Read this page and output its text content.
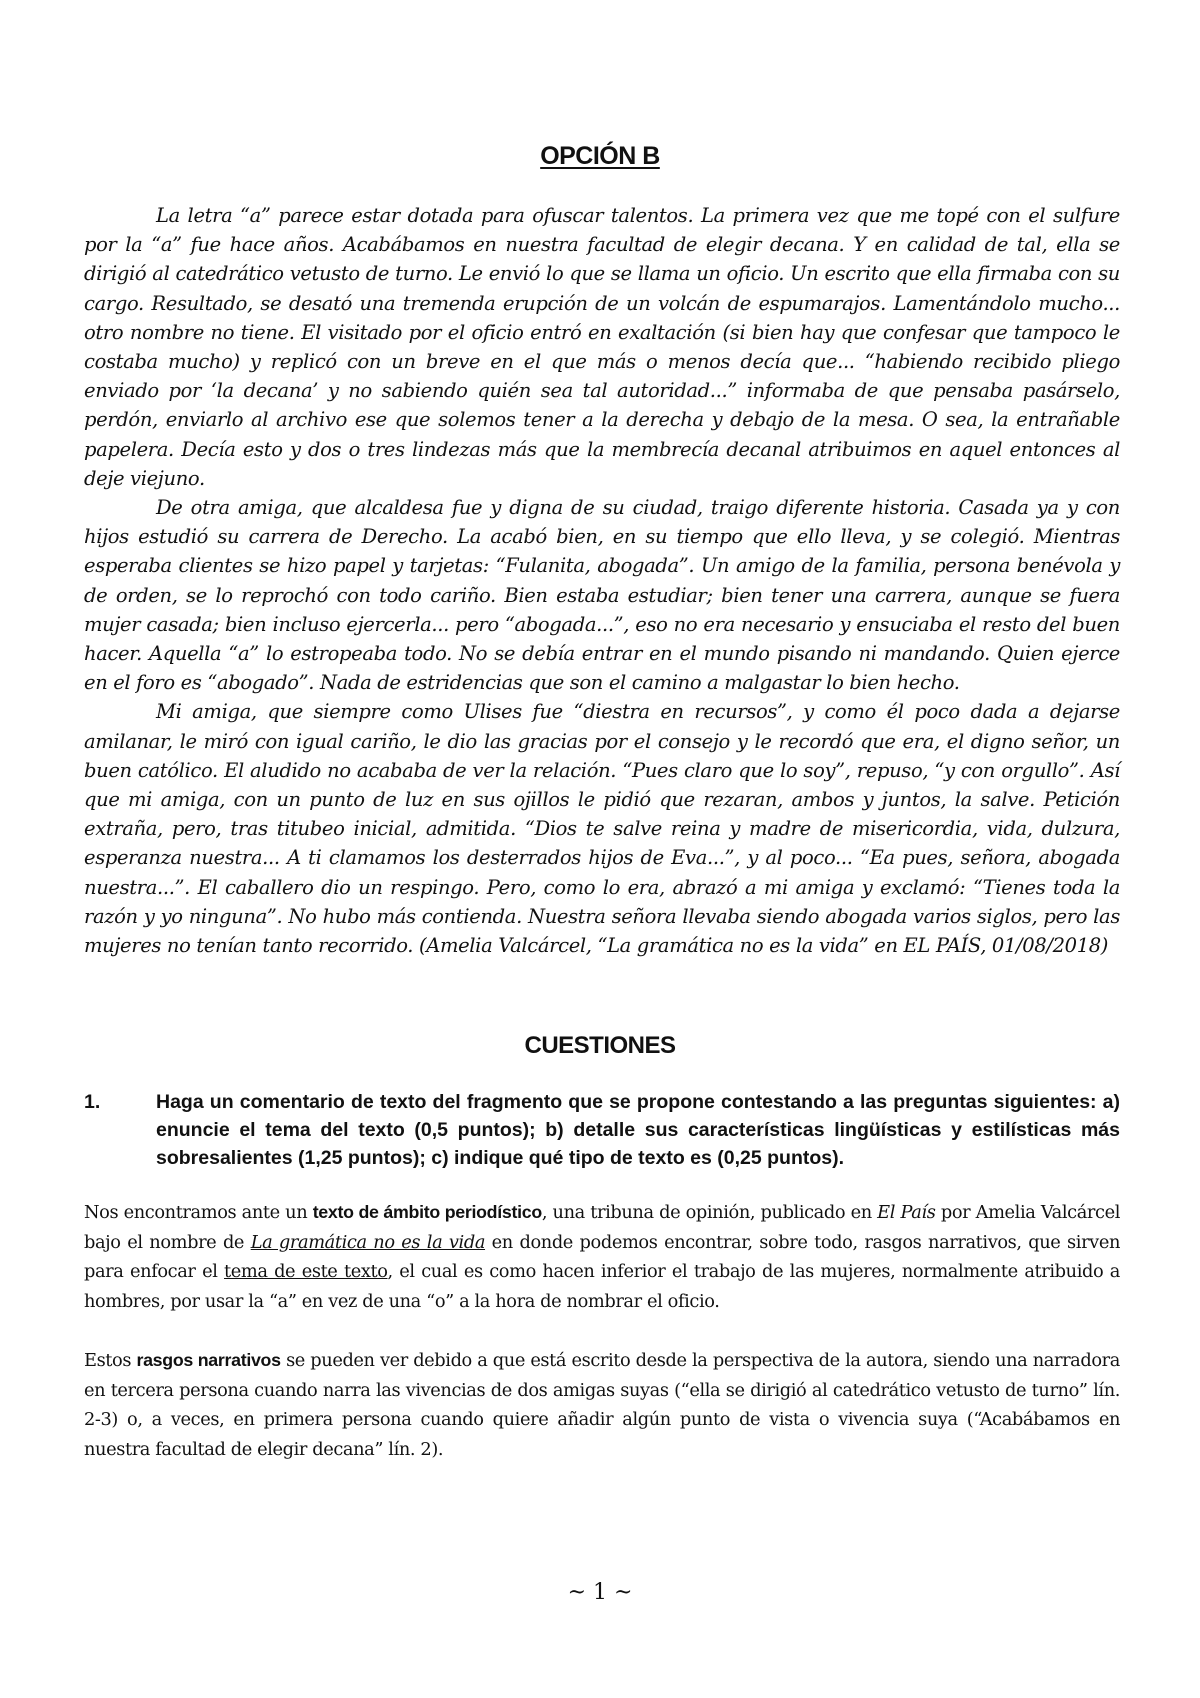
OPCIÓN B

La letra “a” parece estar dotada para ofuscar talentos. La primera vez que me topé con el sulfure por la “a” fue hace años. Acabábamos en nuestra facultad de elegir decana. Y en calidad de tal, ella se dirigió al catedrático vetusto de turno. Le envió lo que se llama un oficio. Un escrito que ella firmaba con su cargo. Resultado, se desató una tremenda erupción de un volcán de espumarajos. Lamentándolo mucho... otro nombre no tiene. El visitado por el oficio entró en exaltación (si bien hay que confesar que tampoco le costaba mucho) y replicó con un breve en el que más o menos decía que... “habiendo recibido pliego enviado por ‘la decana’ y no sabiendo quién sea tal autoridad...” informaba de que pensaba pasárselo, perdón, enviarlo al archivo ese que solemos tener a la derecha y debajo de la mesa. O sea, la entrañable papelera. Decía esto y dos o tres lindezas más que la membrecía decanal atribuimos en aquel entonces al deje viejuno.

De otra amiga, que alcaldesa fue y digna de su ciudad, traigo diferente historia. Casada ya y con hijos estudió su carrera de Derecho. La acabó bien, en su tiempo que ello lleva, y se colegió. Mientras esperaba clientes se hizo papel y tarjetas: “Fulanita, abogada”. Un amigo de la familia, persona benévola y de orden, se lo reprochó con todo cariño. Bien estaba estudiar; bien tener una carrera, aunque se fuera mujer casada; bien incluso ejercerla... pero “abogada...”, eso no era necesario y ensuciaba el resto del buen hacer. Aquella “a” lo estropeaba todo. No se debía entrar en el mundo pisando ni mandando. Quien ejerce en el foro es “abogado”. Nada de estridencias que son el camino a malgastar lo bien hecho.

Mi amiga, que siempre como Ulises fue “diestra en recursos”, y como él poco dada a dejarse amilanar, le miró con igual cariño, le dio las gracias por el consejo y le recordó que era, el digno señor, un buen católico. El aludido no acababa de ver la relación. “Pues claro que lo soy”, repuso, “y con orgullo”. Así que mi amiga, con un punto de luz en sus ojillos le pidió que rezaran, ambos y juntos, la salve. Petición extraña, pero, tras titubeo inicial, admitida. “Dios te salve reina y madre de misericordia, vida, dulzura, esperanza nuestra... A ti clamamos los desterrados hijos de Eva...”, y al poco... “Ea pues, señora, abogada nuestra...”. El caballero dio un respingo. Pero, como lo era, abrazó a mi amiga y exclamó: “Tienes toda la razón y yo ninguna”. No hubo más contienda. Nuestra señora llevaba siendo abogada varios siglos, pero las mujeres no tenían tanto recorrido. (Amelia Valcárcel, “La gramática no es la vida” en EL PAÍS, 01/08/2018)

CUESTIONES

1.	Haga un comentario de texto del fragmento que se propone contestando a las preguntas siguientes: a) enuncie el tema del texto (0,5 puntos); b) detalle sus características lingüísticas y estilísticas más sobresalientes (1,25 puntos); c) indique qué tipo de texto es (0,25 puntos).

Nos encontramos ante un texto de ámbito periodístico, una tribuna de opinión, publicado en El País por Amelia Valcárcel bajo el nombre de La gramática no es la vida en donde podemos encontrar, sobre todo, rasgos narrativos, que sirven para enfocar el tema de este texto, el cual es como hacen inferior el trabajo de las mujeres, normalmente atribuido a hombres, por usar la “a” en vez de una “o” a la hora de nombrar el oficio.

Estos rasgos narrativos se pueden ver debido a que está escrito desde la perspectiva de la autora, siendo una narradora en tercera persona cuando narra las vivencias de dos amigas suyas (“ella se dirigió al catedrático vetusto de turno” lín. 2-3) o, a veces, en primera persona cuando quiere añadir algún punto de vista o vivencia suya (“Acabábamos en nuestra facultad de elegir decana” lín. 2).

~ 1 ~
